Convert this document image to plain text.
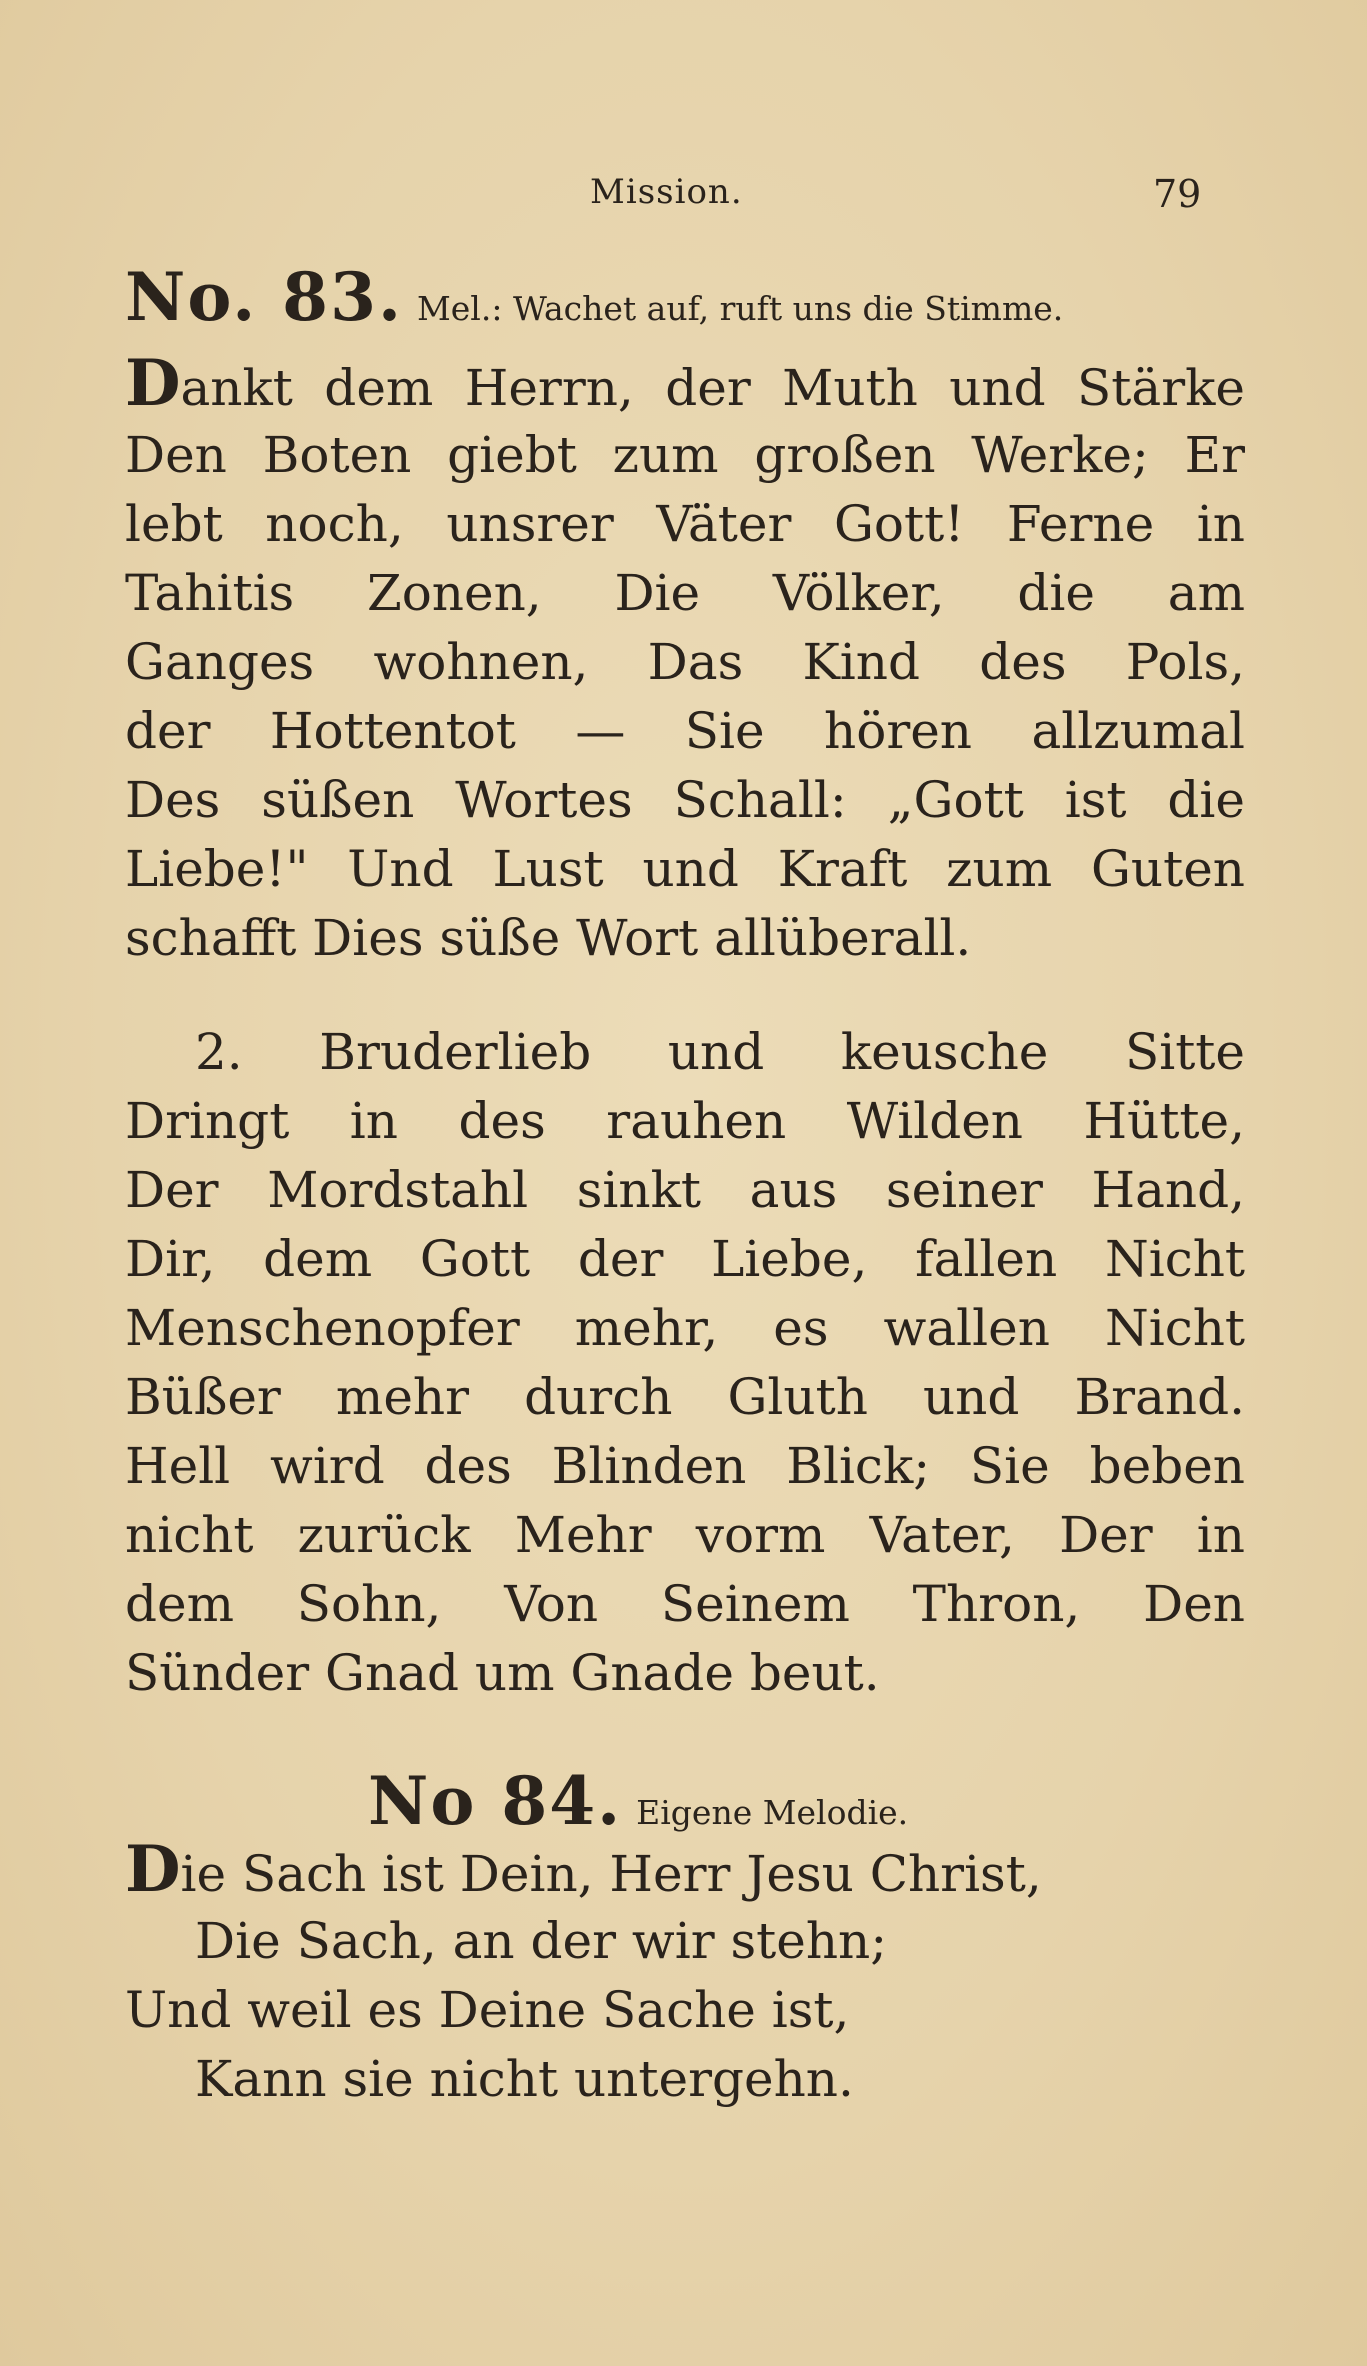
Mission.	79
No. 83. Mel.: Wachet auf, ruft uns die Stimme.
Dankt dem Herrn, der Muth und Stärke
Den Boten giebt zum großen Werke; Er
lebt noch, unsrer Väter Gott! Ferne in
Tahitis Zonen, Die Völker, die am
Ganges wohnen, Das Kind des Pols,
der Hottentot — Sie hören allzumal
Des süßen Wortes Schall: „Gott ist die
Liebe!" Und Lust und Kraft zum Guten
schafft Dies süße Wort allüberall.
2. Bruderlieb und keusche Sitte
Dringt in des rauhen Wilden Hütte,
Der Mordstahl sinkt aus seiner Hand,
Dir, dem Gott der Liebe, fallen Nicht
Menschenopfer mehr, es wallen Nicht
Büßer mehr durch Gluth und Brand.
Hell wird des Blinden Blick; Sie beben
nicht zurück Mehr vorm Vater, Der in
dem Sohn, Von Seinem Thron, Den
Sünder Gnad um Gnade beut.
No 84. Eigene Melodie.
Die Sach ist Dein, Herr Jesu Christ,
Die Sach, an der wir stehn;
Und weil es Deine Sache ist,
Kann sie nicht untergehn.
